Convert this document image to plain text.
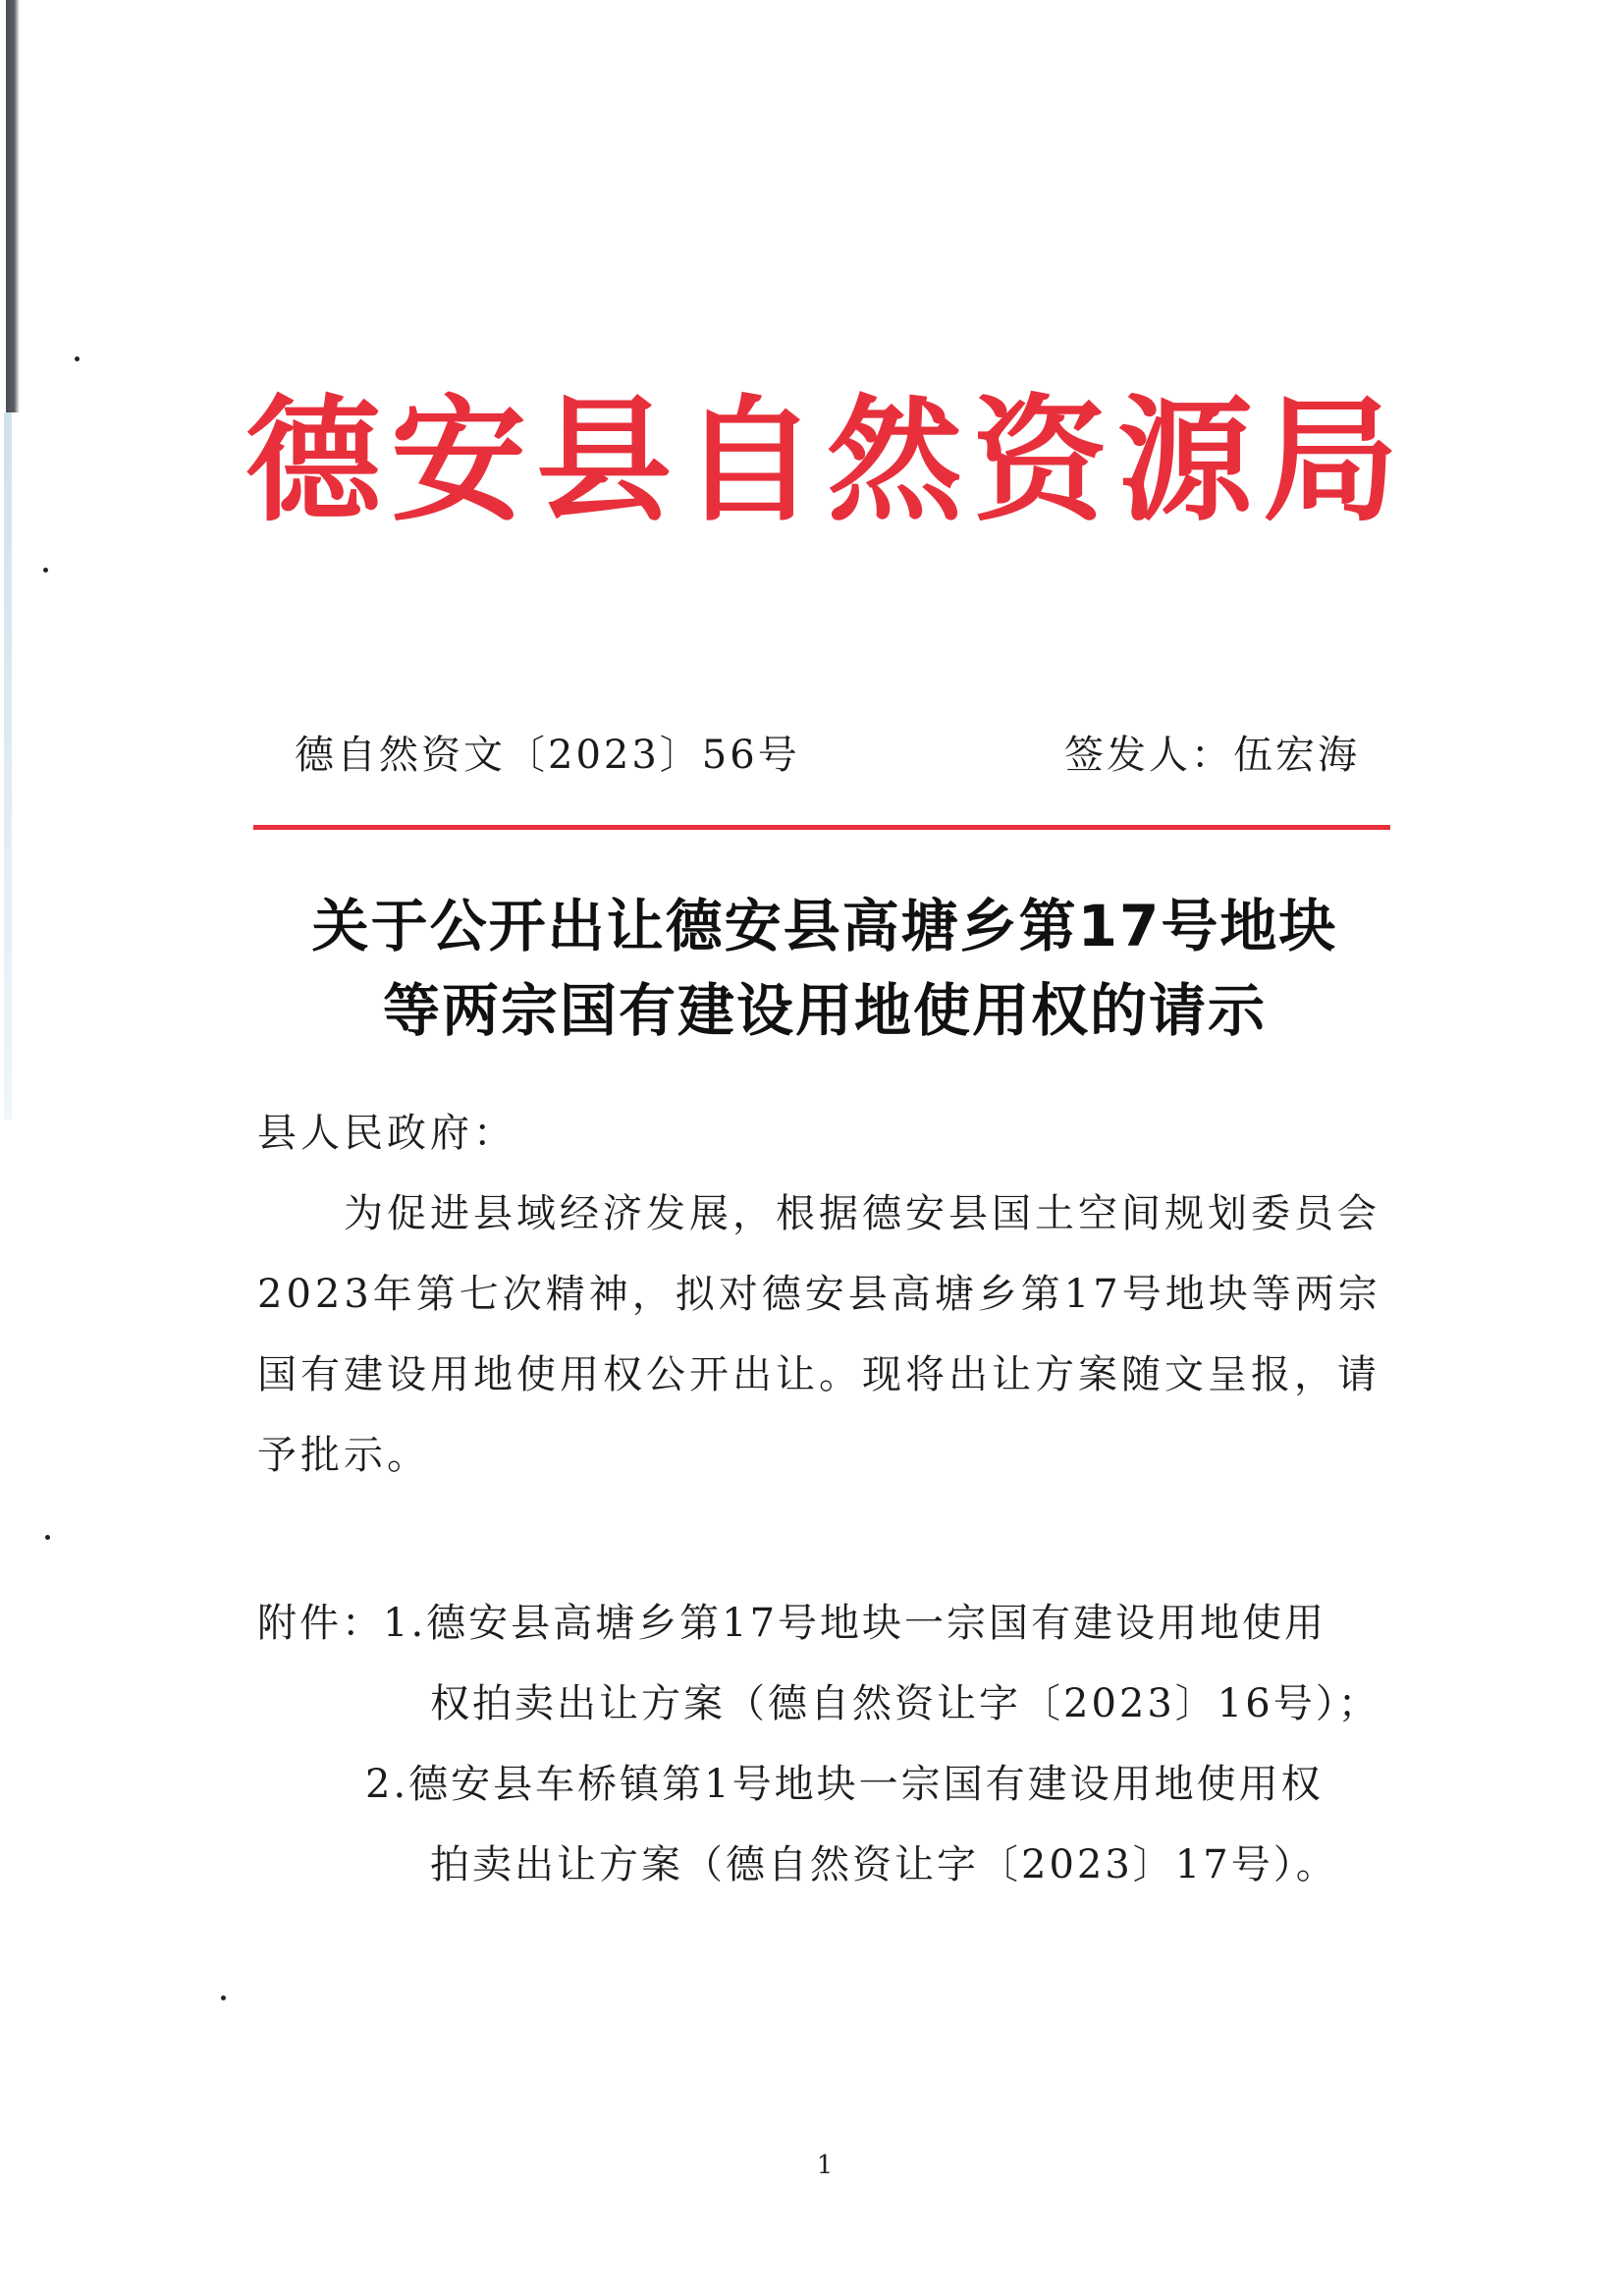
德安县自然资源局
德自然资文〔2023〕56号	签发人：伍宏海
关于公开出让德安县高塘乡第17号地块
等两宗国有建设用地使用权的请示
县人民政府：
为促进县域经济发展，根据德安县国土空间规划委员会
2023年第七次精神，拟对德安县高塘乡第17号地块等两宗
国有建设用地使用权公开出让。现将出让方案随文呈报，请
予批示。
附件：1.德安县高塘乡第17号地块一宗国有建设用地使用
权拍卖出让方案（德自然资让字〔2023〕16号）；
2.德安县车桥镇第1号地块一宗国有建设用地使用权
拍卖出让方案（德自然资让字〔2023〕17号）。
1
